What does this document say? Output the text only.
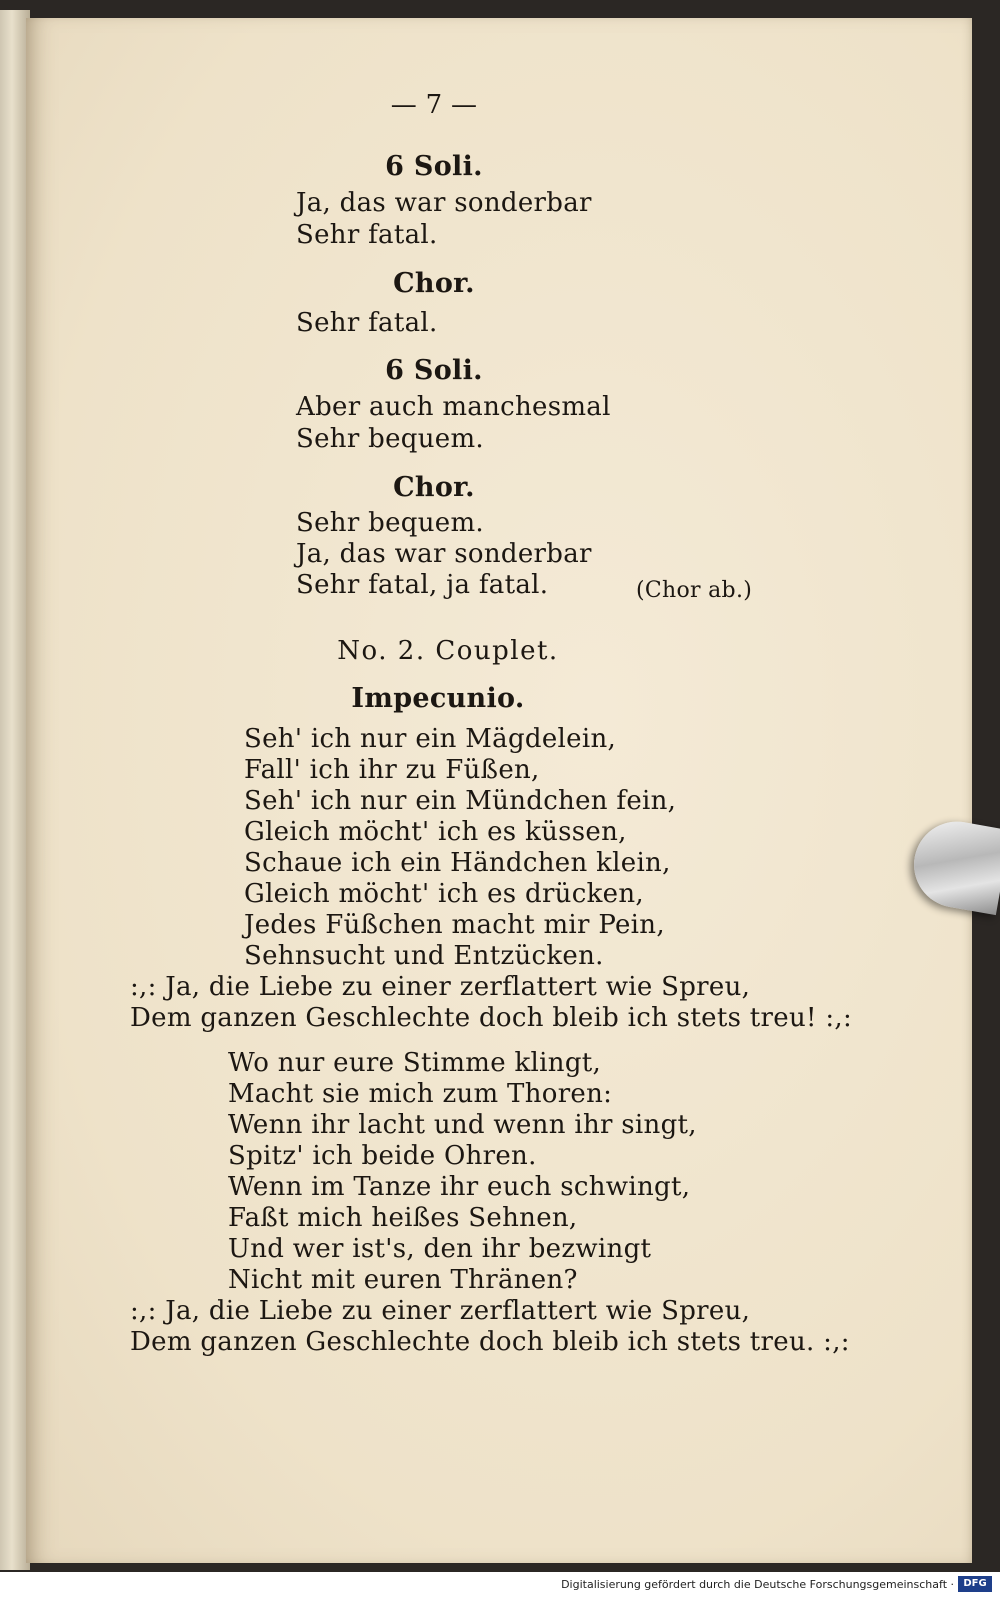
— 7 —
6 Soli.
Ja, das war sonderbar
Sehr fatal.
Chor.
Sehr fatal.
6 Soli.
Aber auch manchesmal
Sehr bequem.
Chor.
Sehr bequem.
Ja, das war sonderbar
Sehr fatal, ja fatal.	(Chor ab.)
No. 2. Couplet.
Impecunio.
Seh' ich nur ein Mägdelein,
Fall' ich ihr zu Füßen,
Seh' ich nur ein Mündchen fein,
Gleich möcht' ich es küssen,
Schaue ich ein Händchen klein,
Gleich möcht' ich es drücken,
Jedes Füßchen macht mir Pein,
Sehnsucht und Entzücken.
:,: Ja, die Liebe zu einer zerflattert wie Spreu,
Dem ganzen Geschlechte doch bleib ich stets treu! :,:
Wo nur eure Stimme klingt,
Macht sie mich zum Thoren:
Wenn ihr lacht und wenn ihr singt,
Spitz' ich beide Ohren.
Wenn im Tanze ihr euch schwingt,
Faßt mich heißes Sehnen,
Und wer ist's, den ihr bezwingt
Nicht mit euren Thränen?
:,: Ja, die Liebe zu einer zerflattert wie Spreu,
Dem ganzen Geschlechte doch bleib ich stets treu. :,:
Digitalisierung gefördert durch die Deutsche Forschungsgemeinschaft · DFG
